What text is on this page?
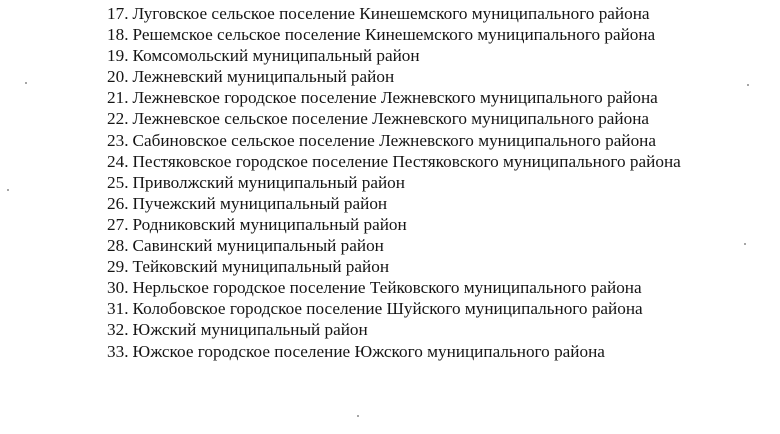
17. Луговское сельское поселение Кинешемского муниципального района
18. Решемское сельское поселение Кинешемского муниципального района
19. Комсомольский муниципальный район
20. Лежневский муниципальный район
21. Лежневское городское поселение Лежневского муниципального района
22. Лежневское сельское поселение Лежневского муниципального района
23. Сабиновское сельское поселение Лежневского муниципального района
24. Пестяковское городское поселение Пестяковского муниципального района
25. Приволжский муниципальный район
26. Пучежский муниципальный район
27. Родниковский муниципальный район
28. Савинский муниципальный район
29. Тейковский муниципальный район
30. Нерльское городское поселение Тейковского муниципального района
31. Колобовское городское поселение Шуйского муниципального района
32. Южский муниципальный район
33. Южское городское поселение Южского муниципального района
